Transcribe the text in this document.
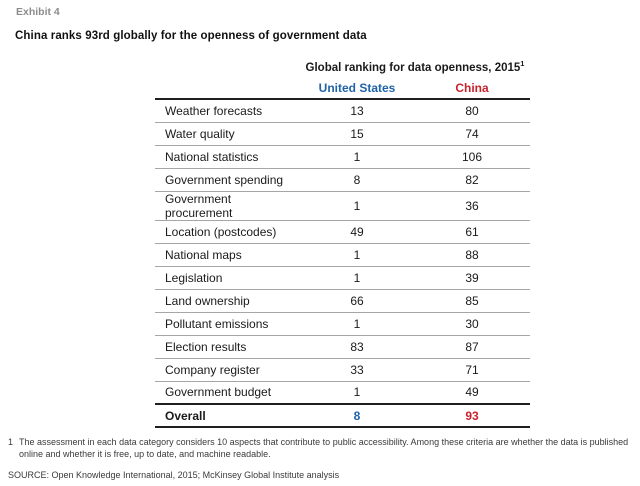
Exhibit 4
China ranks 93rd globally for the openness of government data
	Global ranking for data openness, 2015$^1$
	United States	China
Weather forecasts	13	80
Water quality	15	74
National statistics	1	106
Government spending	8	82
Government procurement	1	36
Location (postcodes)	49	61
National maps	1	88
Legislation	1	39
Land ownership	66	85
Pollutant emissions	1	30
Election results	83	87
Company register	33	71
Government budget	1	49
Overall	8	93
1 The assessment in each data category considers 10 aspects that contribute to public accessibility. Among these criteria are whether the data is published online and whether it is free, up to date, and machine readable.
SOURCE: Open Knowledge International, 2015; McKinsey Global Institute analysis
